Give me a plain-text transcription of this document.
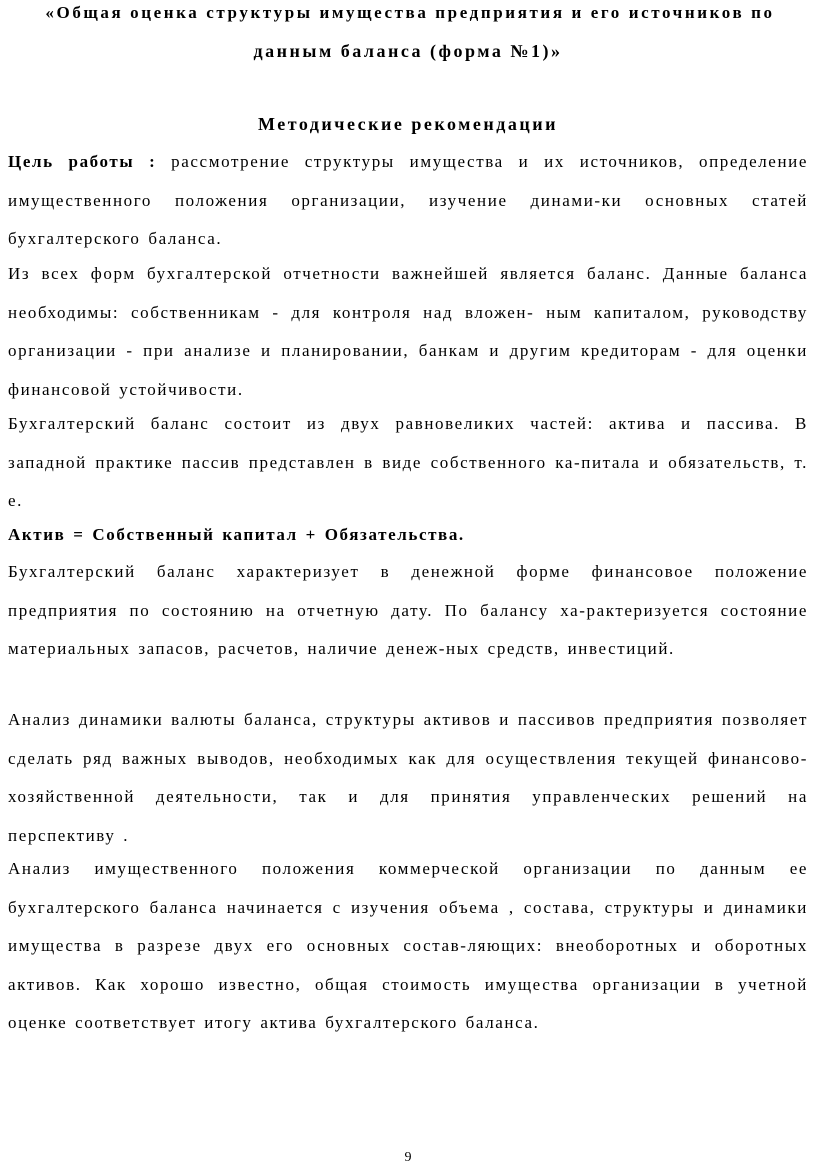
«Общая оценка структуры имущества предприятия и его источников по
данным баланса (форма №1)»
Методические рекомендации
Цель работы : рассмотрение структуры имущества и их источников, определение имущественного положения организации, изучение динами-ки основных статей бухгалтерского баланса.
Из всех форм бухгалтерской отчетности важнейшей является баланс. Данные баланса необходимы: собственникам - для контроля над вложен- ным капиталом, руководству организации - при анализе и планировании, банкам и другим кредиторам - для оценки финансовой устойчивости.
Бухгалтерский баланс состоит из двух равновеликих частей: актива и пассива. В западной практике пассив представлен в виде собственного ка-питала и обязательств, т. е.
Актив = Собственный капитал + Обязательства.
Бухгалтерский баланс характеризует в денежной форме финансовое положение предприятия по состоянию на отчетную дату. По балансу ха-рактеризуется состояние материальных запасов, расчетов, наличие денеж-ных средств, инвестиций.
Анализ динамики валюты баланса, структуры активов и пассивов предприятия позволяет сделать ряд важных выводов, необходимых как для осуществления текущей финансово-хозяйственной деятельности, так и для принятия управленческих решений на перспективу .
Анализ имущественного положения коммерческой организации по данным ее бухгалтерского баланса начинается с изучения объема , состава, структуры и динамики имущества в разрезе двух его основных состав-ляющих: внеоборотных и оборотных активов. Как хорошо известно, общая стоимость имущества организации в учетной оценке соответствует итогу актива бухгалтерского баланса.
9
